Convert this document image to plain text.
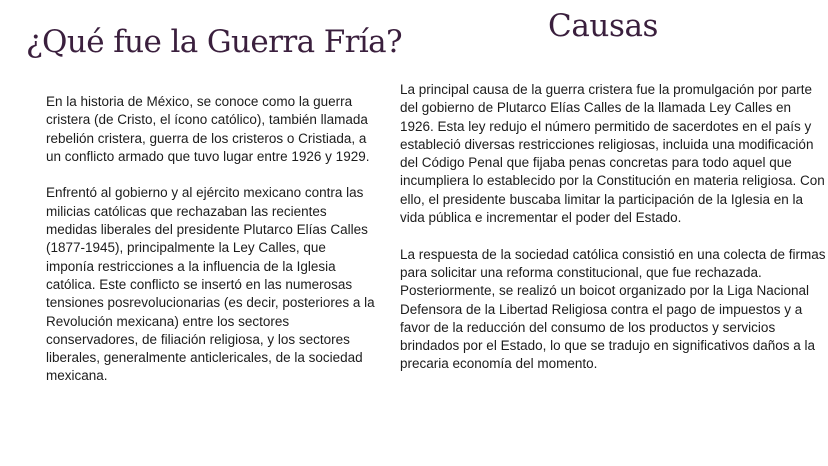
¿Qué fue la Guerra Fría?	Causas

En la historia de México, se conoce como la guerra cristera (de Cristo, el ícono católico), también llamada rebelión cristera, guerra de los cristeros o Cristiada, a un conflicto armado que tuvo lugar entre 1926 y 1929.

Enfrentó al gobierno y al ejército mexicano contra las milicias católicas que rechazaban las recientes medidas liberales del presidente Plutarco Elías Calles (1877-1945), principalmente la Ley Calles, que imponía restricciones a la influencia de la Iglesia católica. Este conflicto se insertó en las numerosas tensiones posrevolucionarias (es decir, posteriores a la Revolución mexicana) entre los sectores conservadores, de filiación religiosa, y los sectores liberales, generalmente anticlericales, de la sociedad mexicana.

La principal causa de la guerra cristera fue la promulgación por parte del gobierno de Plutarco Elías Calles de la llamada Ley Calles en 1926. Esta ley redujo el número permitido de sacerdotes en el país y estableció diversas restricciones religiosas, incluida una modificación del Código Penal que fijaba penas concretas para todo aquel que incumpliera lo establecido por la Constitución en materia religiosa. Con ello, el presidente buscaba limitar la participación de la Iglesia en la vida pública e incrementar el poder del Estado.

La respuesta de la sociedad católica consistió en una colecta de firmas para solicitar una reforma constitucional, que fue rechazada. Posteriormente, se realizó un boicot organizado por la Liga Nacional Defensora de la Libertad Religiosa contra el pago de impuestos y a favor de la reducción del consumo de los productos y servicios brindados por el Estado, lo que se tradujo en significativos daños a la precaria economía del momento.
